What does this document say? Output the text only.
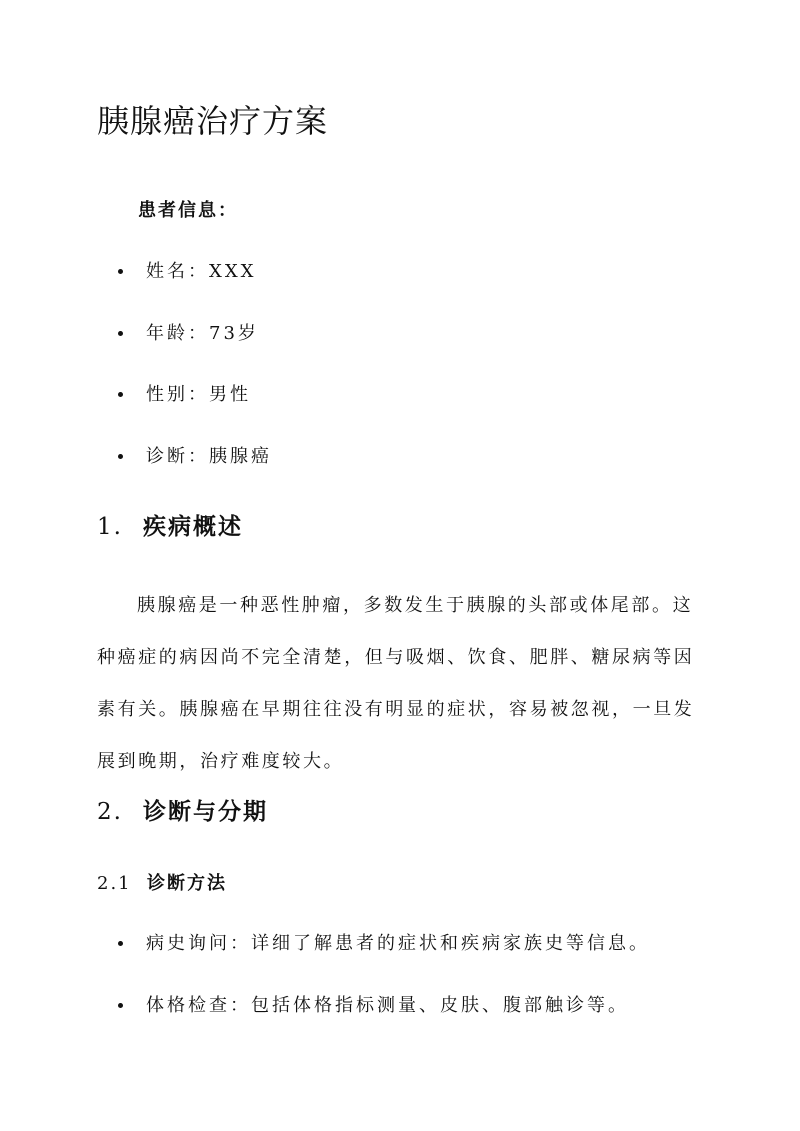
胰腺癌治疗方案
患者信息：
姓名：XXX
年龄：73岁
性别：男性
诊断：胰腺癌
1. 疾病概述

胰腺癌是一种恶性肿瘤，多数发生于胰腺的头部或体尾部。这种癌症的病因尚不完全清楚，但与吸烟、饮食、肥胖、糖尿病等因素有关。胰腺癌在早期往往没有明显的症状，容易被忽视，一旦发展到晚期，治疗难度较大。

2. 诊断与分期
2.1 诊断方法
病史询问：详细了解患者的症状和疾病家族史等信息。
体格检查：包括体格指标测量、皮肤、腹部触诊等。
